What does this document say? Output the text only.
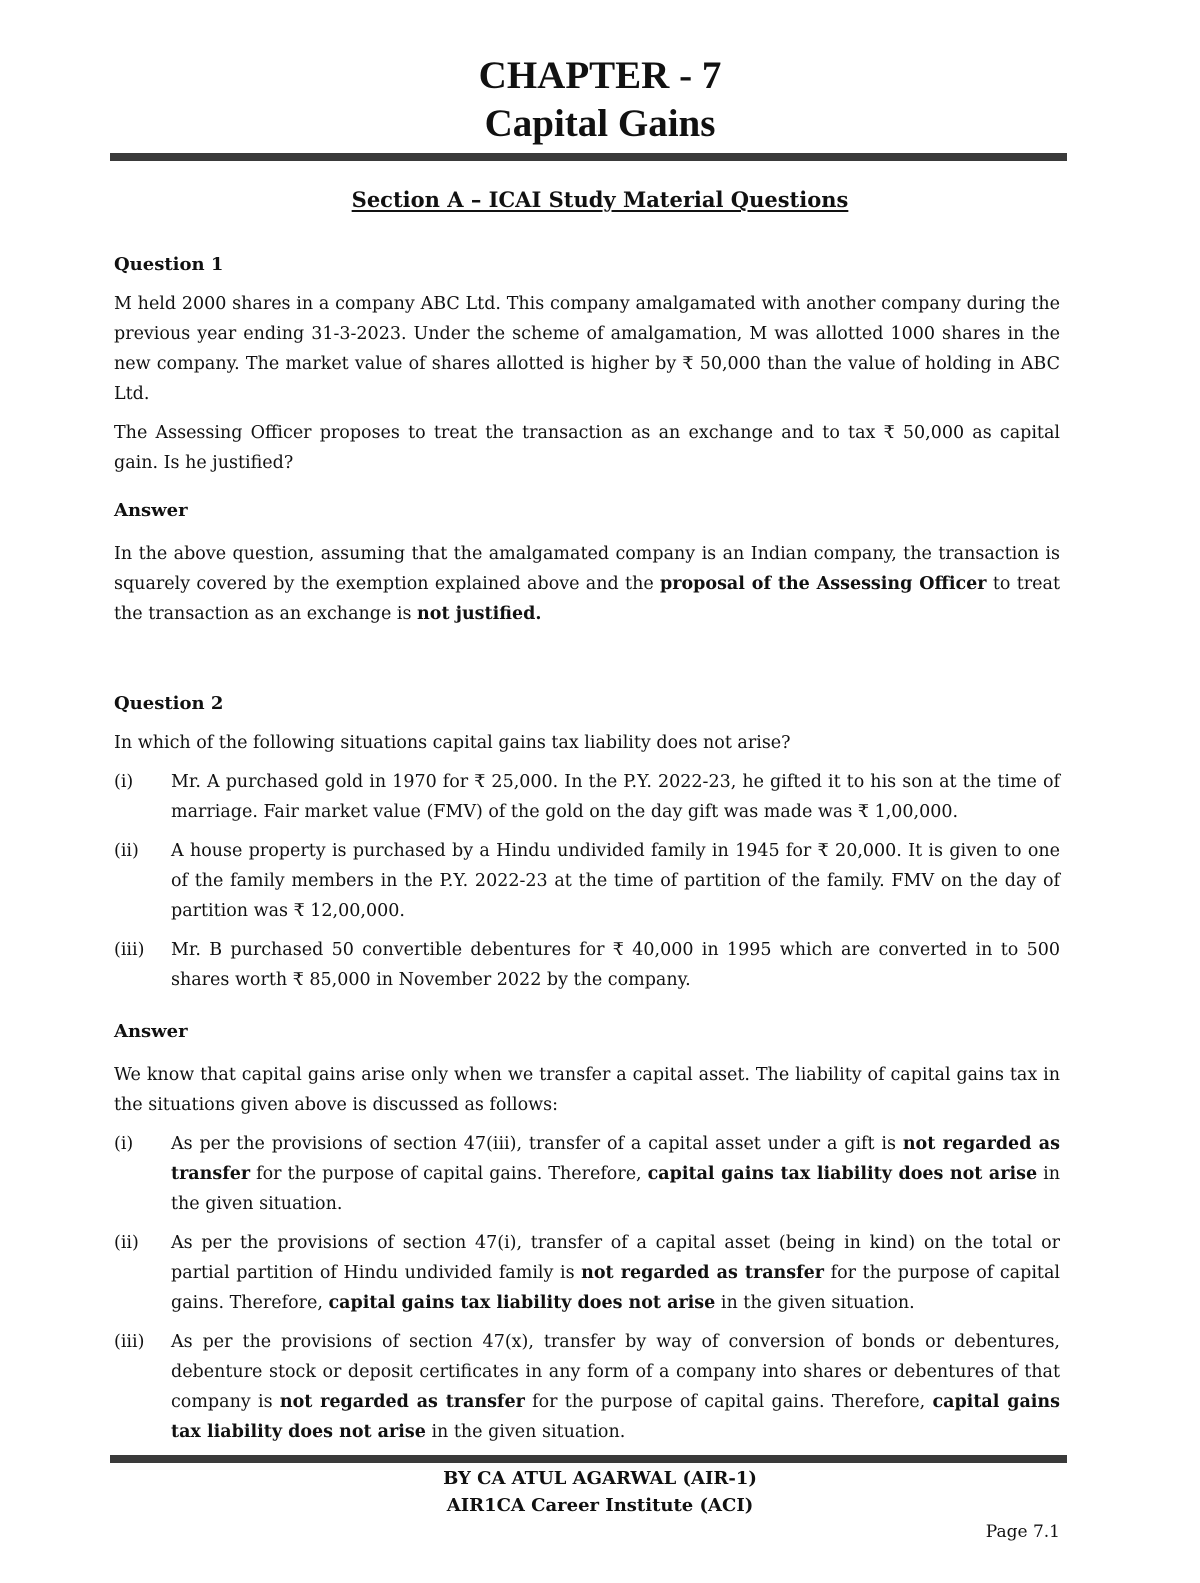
CHAPTER - 7
Capital Gains
Section A – ICAI Study Material Questions
Question 1

M held 2000 shares in a company ABC Ltd. This company amalgamated with another company during the previous year ending 31-3-2023. Under the scheme of amalgamation, M was allotted 1000 shares in the new company. The market value of shares allotted is higher by ₹ 50,000 than the value of holding in ABC Ltd.

The Assessing Officer proposes to treat the transaction as an exchange and to tax ₹ 50,000 as capital gain. Is he justified?

Answer

In the above question, assuming that the amalgamated company is an Indian company, the transaction is squarely covered by the exemption explained above and the proposal of the Assessing Officer to treat the transaction as an exchange is not justified.

Question 2

In which of the following situations capital gains tax liability does not arise?

(i) Mr. A purchased gold in 1970 for ₹ 25,000. In the P.Y. 2022-23, he gifted it to his son at the time of marriage. Fair market value (FMV) of the gold on the day gift was made was ₹ 1,00,000.
(ii) A house property is purchased by a Hindu undivided family in 1945 for ₹ 20,000. It is given to one of the family members in the P.Y. 2022-23 at the time of partition of the family. FMV on the day of partition was ₹ 12,00,000.
(iii) Mr. B purchased 50 convertible debentures for ₹ 40,000 in 1995 which are converted in to 500 shares worth ₹ 85,000 in November 2022 by the company.
Answer

We know that capital gains arise only when we transfer a capital asset. The liability of capital gains tax in the situations given above is discussed as follows:

(i) As per the provisions of section 47(iii), transfer of a capital asset under a gift is not regarded as transfer for the purpose of capital gains. Therefore, capital gains tax liability does not arise in the given situation.
(ii) As per the provisions of section 47(i), transfer of a capital asset (being in kind) on the total or partial partition of Hindu undivided family is not regarded as transfer for the purpose of capital gains. Therefore, capital gains tax liability does not arise in the given situation.
(iii) As per the provisions of section 47(x), transfer by way of conversion of bonds or debentures, debenture stock or deposit certificates in any form of a company into shares or debentures of that company is not regarded as transfer for the purpose of capital gains. Therefore, capital gains tax liability does not arise in the given situation.
BY CA ATUL AGARWAL (AIR-1)
AIR1CA Career Institute (ACI)
Page 7.1
